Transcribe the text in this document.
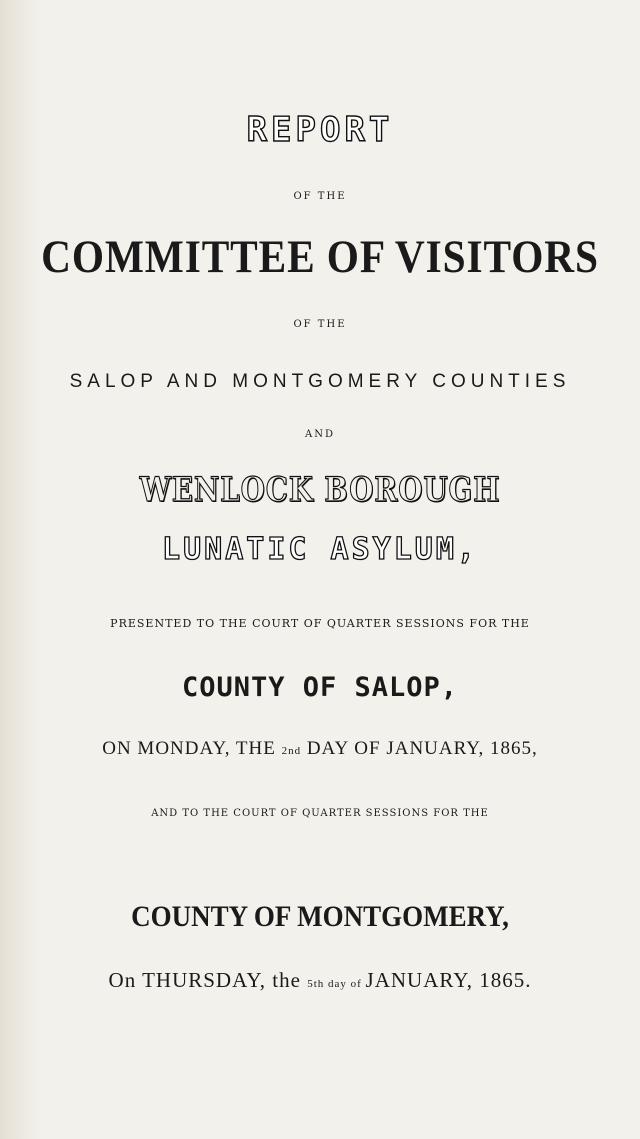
REPORT
OF THE
COMMITTEE OF VISITORS
OF THE
SALOP AND MONTGOMERY COUNTIES
AND
WENLOCK BOROUGH
LUNATIC ASYLUM,
PRESENTED TO THE COURT OF QUARTER SESSIONS FOR THE
COUNTY OF SALOP,
ON MONDAY, THE 2nd DAY OF JANUARY, 1865,
AND TO THE COURT OF QUARTER SESSIONS FOR THE
COUNTY OF MONTGOMERY,
On THURSDAY, the 5th day of JANUARY, 1865.
